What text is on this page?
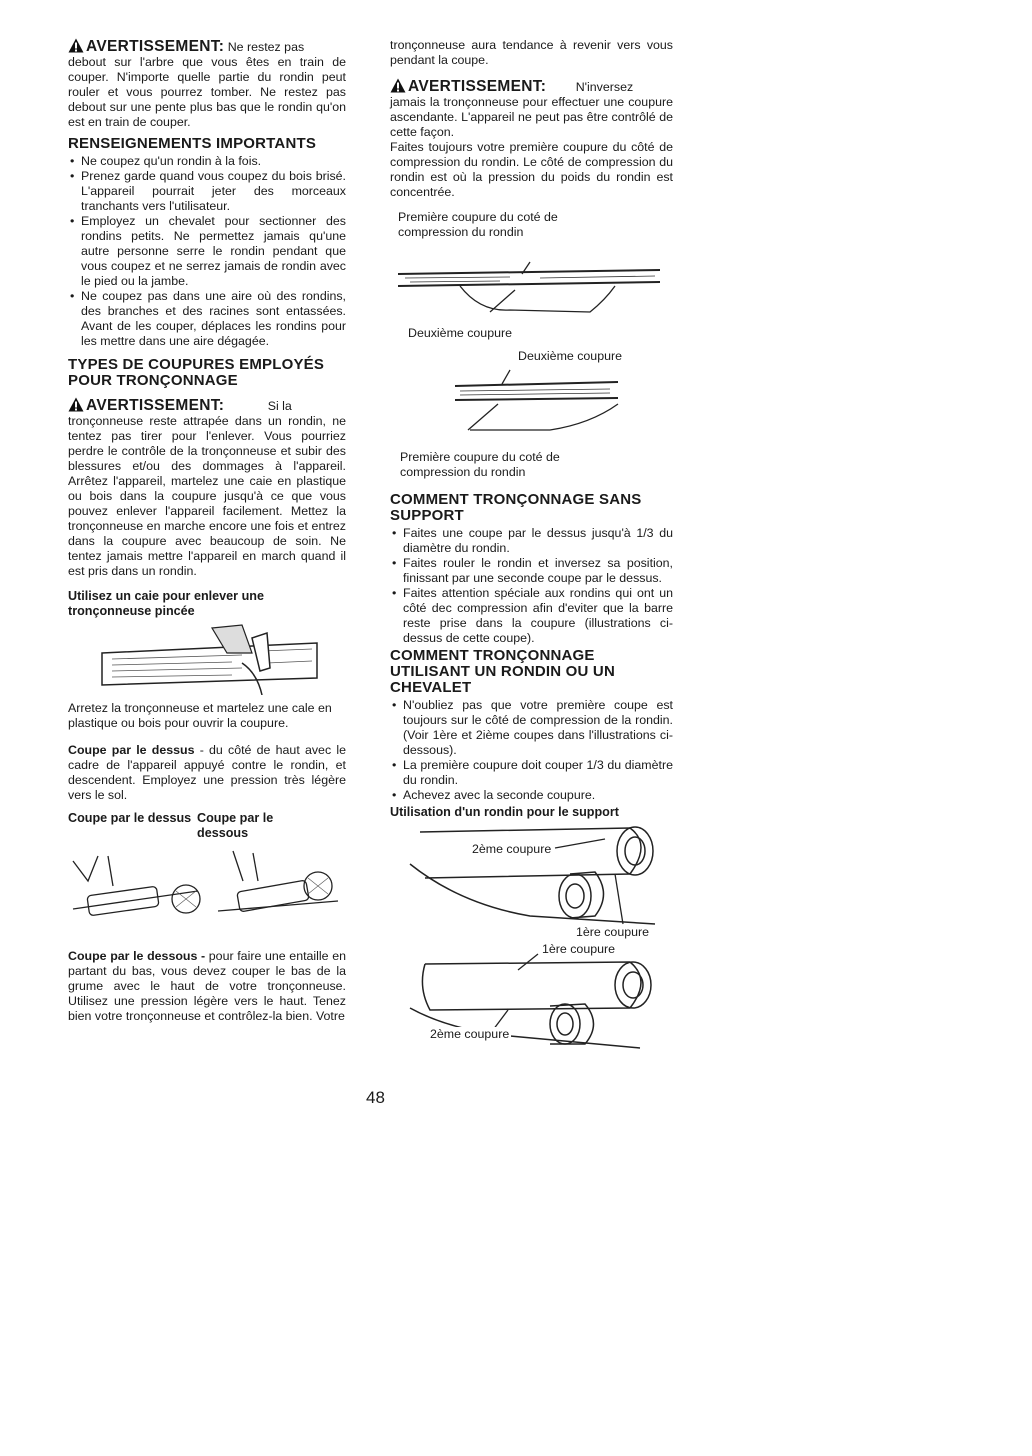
AVERTISSEMENT: Ne restez pas
debout sur l'arbre que vous êtes en train de couper. N'importe quelle partie du rondin peut rouler et vous pourrez tomber. Ne restez pas debout sur une pente plus bas que le rondin qu'on est en train de couper.

RENSEIGNEMENTS IMPORTANTS
• Ne coupez qu'un rondin à la fois.
• Prenez garde quand vous coupez du bois brisé. L'appareil pourrait jeter des morceaux tranchants vers l'utilisateur.
• Employez un chevalet pour sectionner des rondins petits. Ne permettez jamais qu'une autre personne serre le rondin pendant que vous coupez et ne serrez jamais de rondin avec le pied ou la jambe.
• Ne coupez pas dans une aire où des rondins, des branches et des racines sont entassées. Avant de les couper, déplaces les rondins pour les mettre dans une aire dégagée.
TYPES DE COUPURES EMPLOYÉS POUR TRONÇONNAGE

AVERTISSEMENT:	Si la
tronçonneuse reste attrapée dans un rondin, ne tentez pas tirer pour l'enlever. Vous pourriez perdre le contrôle de la tronçonneuse et subir des blessures et/ou des dommages à l'appareil. Arrêtez l'appareil, martelez une caie en plastique ou bois dans la coupure jusqu'à ce que vous pouvez enlever l'appareil facilement. Mettez la tronçonneuse en marche encore une fois et entrez dans la coupure avec beaucoup de soin. Ne tentez jamais mettre l'appareil en march quand il est pris dans un rondin.

Utilisez un caie pour enlever une tronçonneuse pincée

Arretez la tronçonneuse et martelez une cale en plastique ou bois pour ouvrir la coupure.

Coupe par le dessus - du côté de haut avec le cadre de l'appareil appuyé contre le rondin, et descendent. Employez une pression très légère vers le sol.

Coupe par le dessus Coupe par le dessous

Coupe par le dessous - pour faire une entaille en partant du bas, vous devez couper le bas de la grume avec le haut de votre tronçonneuse. Utilisez une pression légère vers le haut. Tenez bien votre tronçonneuse et contrôlez-la bien. Votre

tronçonneuse aura tendance à revenir vers vous pendant la coupe.

AVERTISSEMENT: N'inversez
jamais la tronçonneuse pour effectuer une coupure ascendante. L'appareil ne peut pas être contrôlé de cette façon.
Faites toujours votre première coupure du côté de compression du rondin. Le côté de compression du rondin est où la pression du poids du rondin est concentrée.

Première coupure du coté de compression du rondin

Deuxième coupure

Deuxième coupure

Première coupure du coté de compression du rondin

COMMENT TRONÇONNAGE SANS SUPPORT
• Faites une coupe par le dessus jusqu'à 1/3 du diamètre du rondin.
• Faites rouler le rondin et inversez sa position, finissant par une seconde coupe par le dessus.
• Faites attention spéciale aux rondins qui ont un côté dec compression afin d'eviter que la barre reste prise dans la coupure (illustrations ci-dessus de cette coupe).
COMMENT TRONÇONNAGE UTILISANT UN RONDIN OU UN CHEVALET
• N'oubliez pas que votre première coupe est toujours sur le côté de compression de la rondin. (Voir 1ère et 2ième coupes dans l'illustrations ci-dessous).
• La première coupure doit couper 1/3 du diamètre du rondin.
• Achevez avec la seconde coupure.
Utilisation d'un rondin pour le support
2ème coupure
1ère coupure
1ère coupure
2ème coupure
48
